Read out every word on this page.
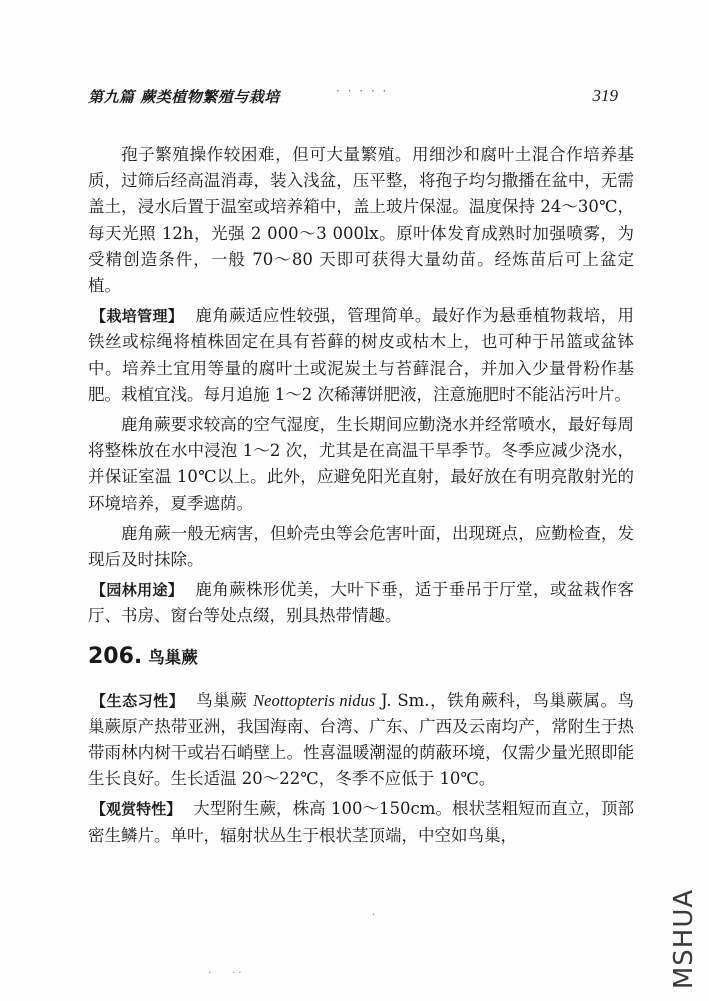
第九篇 蕨类植物繁殖与栽培	· · · · ·	319

孢子繁殖操作较困难，但可大量繁殖。用细沙和腐叶土混合作培养基质，过筛后经高温消毒，装入浅盆，压平整，将孢子均匀撒播在盆中，无需盖土，浸水后置于温室或培养箱中，盖上玻片保湿。温度保持 24～30℃，每天光照 12h，光强 2 000～3 000lx。原叶体发育成熟时加强喷雾，为受精创造条件，一般 70～80 天即可获得大量幼苗。经炼苗后可上盆定植。

【栽培管理】 鹿角蕨适应性较强，管理简单。最好作为悬垂植物栽培，用铁丝或棕绳将植株固定在具有苔藓的树皮或枯木上，也可种于吊篮或盆钵中。培养土宜用等量的腐叶土或泥炭土与苔藓混合，并加入少量骨粉作基肥。栽植宜浅。每月追施 1～2 次稀薄饼肥液，注意施肥时不能沾污叶片。

鹿角蕨要求较高的空气湿度，生长期间应勤浇水并经常喷水，最好每周将整株放在水中浸泡 1～2 次，尤其是在高温干旱季节。冬季应减少浇水，并保证室温 10℃以上。此外，应避免阳光直射，最好放在有明亮散射光的环境培养，夏季遮荫。

鹿角蕨一般无病害，但蚧壳虫等会危害叶面，出现斑点，应勤检查，发现后及时抹除。

【园林用途】 鹿角蕨株形优美，大叶下垂，适于垂吊于厅堂，或盆栽作客厅、书房、窗台等处点缀，别具热带情趣。

206. 鸟巢蕨

【生态习性】 鸟巢蕨 Neottopteris nidus J. Sm.，铁角蕨科，鸟巢蕨属。鸟巢蕨原产热带亚洲，我国海南、台湾、广东、广西及云南均产，常附生于热带雨林内树干或岩石峭壁上。性喜温暖潮湿的荫蔽环境，仅需少量光照即能生长良好。生长适温 20～22℃，冬季不应低于 10℃。

【观赏特性】 大型附生蕨，株高 100～150cm。根状茎粗短而直立，顶部密生鳞片。单叶，辐射状丛生于根状茎顶端，中空如鸟巢，

·
· · ·	MSHUA
